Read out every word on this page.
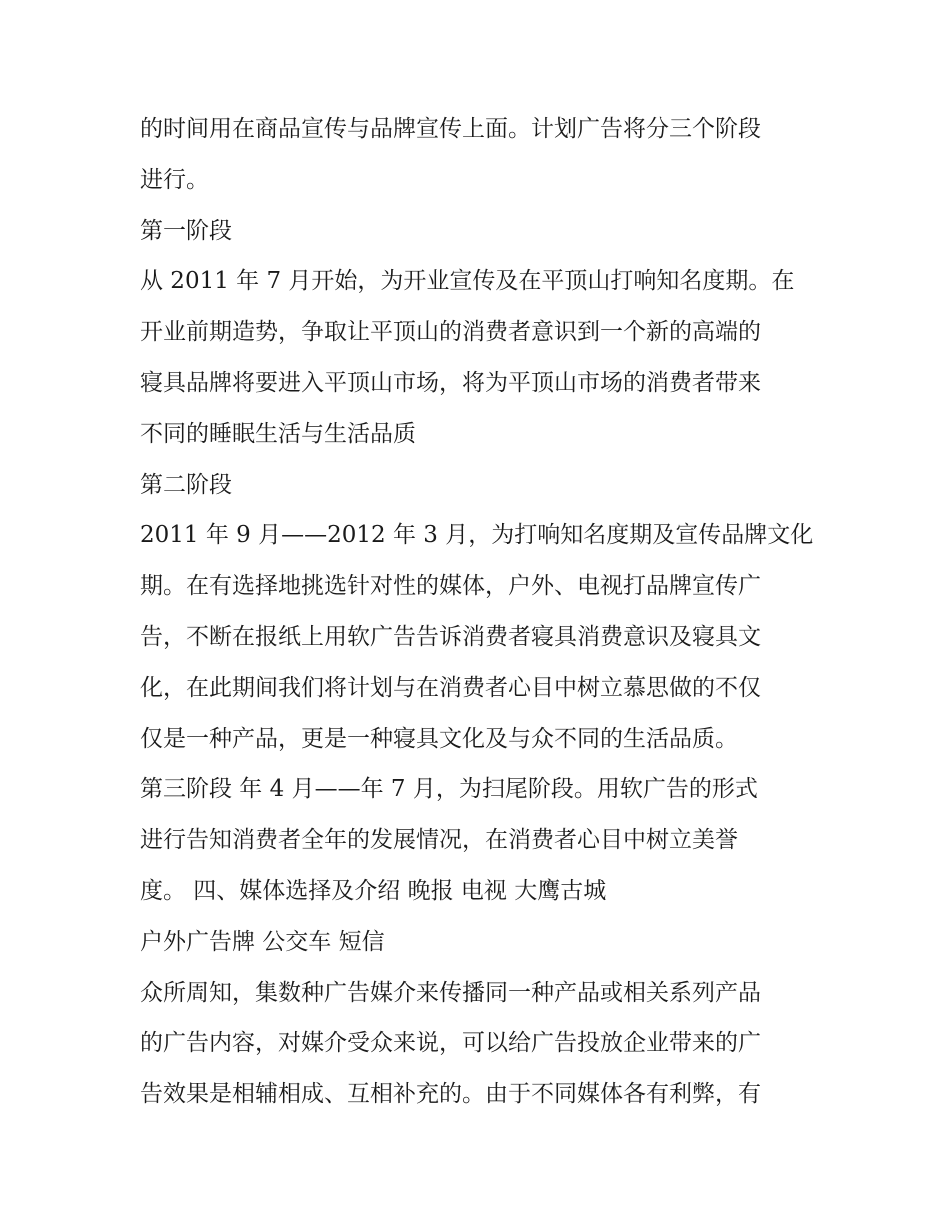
的时间用在商品宣传与品牌宣传上面。计划广告将分三个阶段
进行。
第一阶段
从 2011 年 7 月开始，为开业宣传及在平顶山打响知名度期。在
开业前期造势，争取让平顶山的消费者意识到一个新的高端的
寝具品牌将要进入平顶山市场，将为平顶山市场的消费者带来
不同的睡眠生活与生活品质
第二阶段
2011 年 9 月——2012 年 3 月，为打响知名度期及宣传品牌文化
期。在有选择地挑选针对性的媒体，户外、电视打品牌宣传广
告，不断在报纸上用软广告告诉消费者寝具消费意识及寝具文
化，在此期间我们将计划与在消费者心目中树立慕思做的不仅
仅是一种产品，更是一种寝具文化及与众不同的生活品质。
第三阶段 年 4 月——年 7 月，为扫尾阶段。用软广告的形式
进行告知消费者全年的发展情况，在消费者心目中树立美誉
度。 四、媒体选择及介绍 晚报 电视 大鹰古城
户外广告牌 公交车 短信
众所周知，集数种广告媒介来传播同一种产品或相关系列产品
的广告内容，对媒介受众来说，可以给广告投放企业带来的广
告效果是相辅相成、互相补充的。由于不同媒体各有利弊，有
